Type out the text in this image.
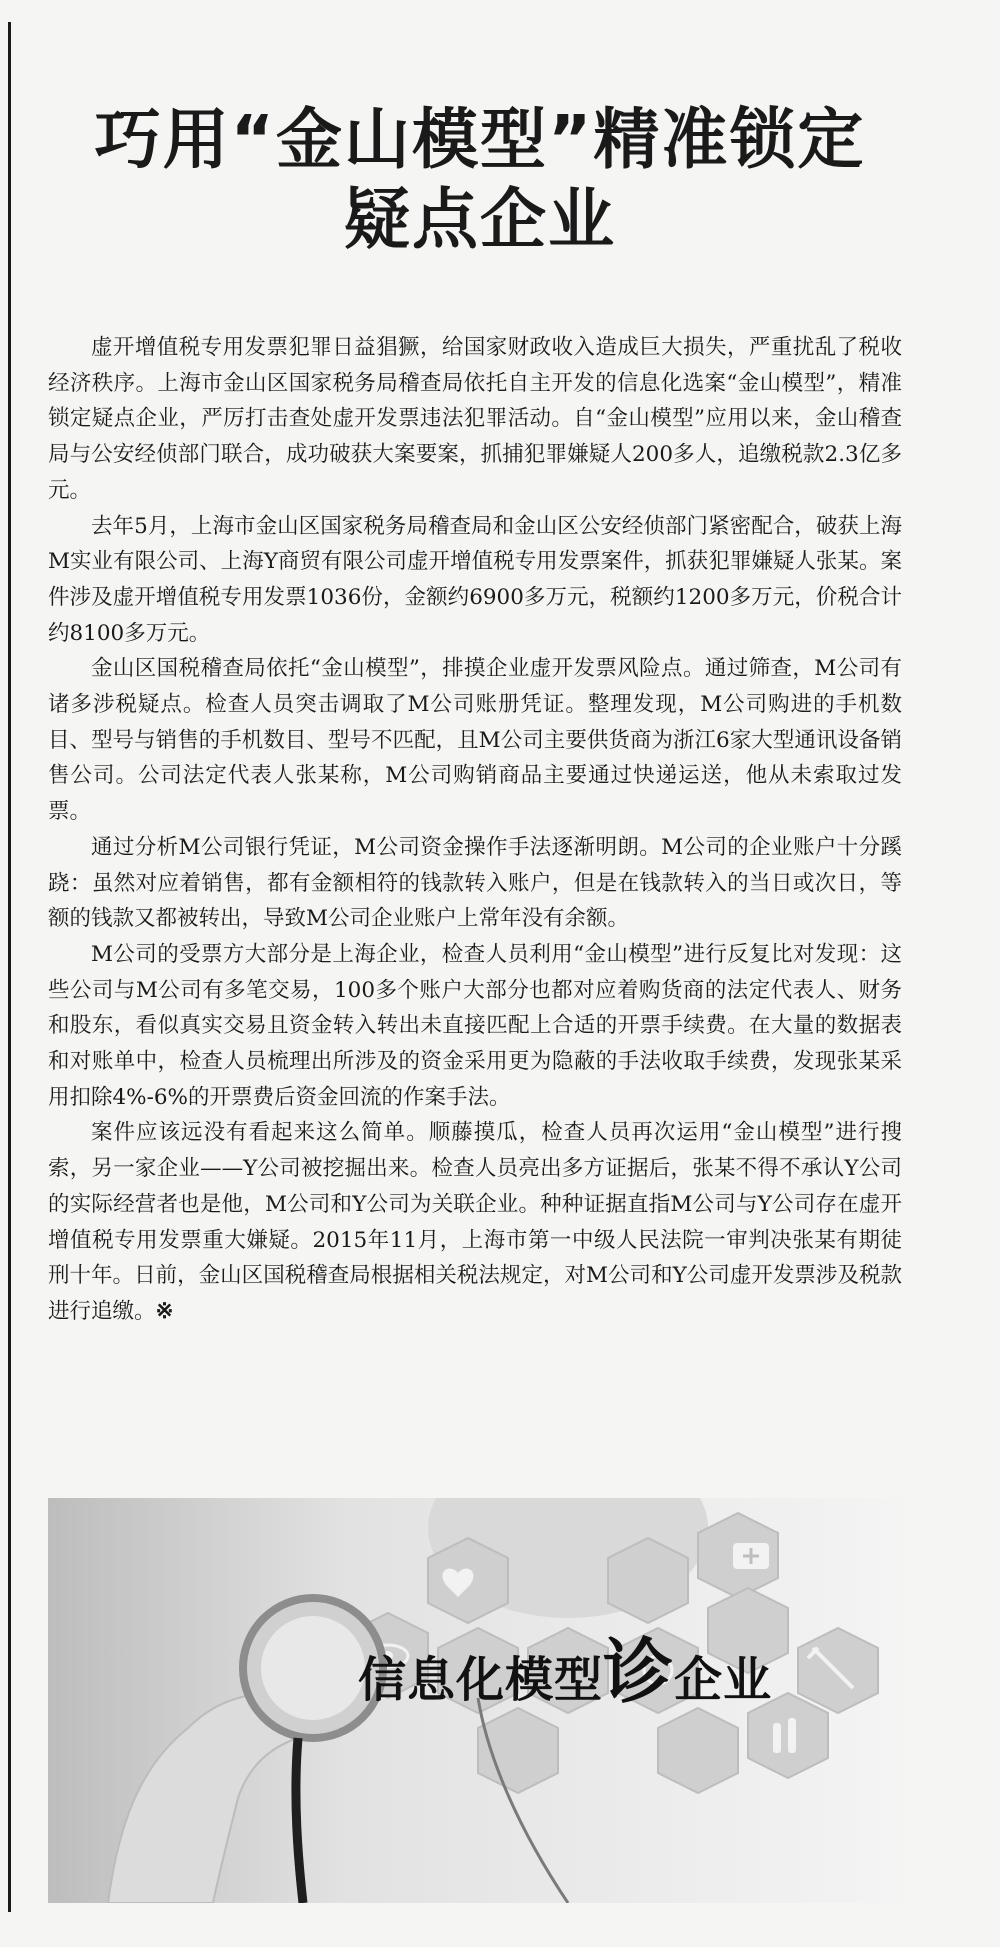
巧用“金山模型”精准锁定
疑点企业

虚开增值税专用发票犯罪日益猖獗，给国家财政收入造成巨大损失，严重扰乱了税收经济秩序。上海市金山区国家税务局稽查局依托自主开发的信息化选案“金山模型”，精准锁定疑点企业，严厉打击查处虚开发票违法犯罪活动。自“金山模型”应用以来，金山稽查局与公安经侦部门联合，成功破获大案要案，抓捕犯罪嫌疑人200多人，追缴税款2.3亿多元。

去年5月，上海市金山区国家税务局稽查局和金山区公安经侦部门紧密配合，破获上海M实业有限公司、上海Y商贸有限公司虚开增值税专用发票案件，抓获犯罪嫌疑人张某。案件涉及虚开增值税专用发票1036份，金额约6900多万元，税额约1200多万元，价税合计约8100多万元。

金山区国税稽查局依托“金山模型”，排摸企业虚开发票风险点。通过筛查，M公司有诸多涉税疑点。检查人员突击调取了M公司账册凭证。整理发现，M公司购进的手机数目、型号与销售的手机数目、型号不匹配，且M公司主要供货商为浙江6家大型通讯设备销售公司。公司法定代表人张某称，M公司购销商品主要通过快递运送，他从未索取过发票。

通过分析M公司银行凭证，M公司资金操作手法逐渐明朗。M公司的企业账户十分蹊跷：虽然对应着销售，都有金额相符的钱款转入账户，但是在钱款转入的当日或次日，等额的钱款又都被转出，导致M公司企业账户上常年没有余额。

M公司的受票方大部分是上海企业，检查人员利用“金山模型”进行反复比对发现：这些公司与M公司有多笔交易，100多个账户大部分也都对应着购货商的法定代表人、财务和股东，看似真实交易且资金转入转出未直接匹配上合适的开票手续费。在大量的数据表和对账单中，检查人员梳理出所涉及的资金采用更为隐蔽的手法收取手续费，发现张某采用扣除4%-6%的开票费后资金回流的作案手法。

案件应该远没有看起来这么简单。顺藤摸瓜，检查人员再次运用“金山模型”进行搜索，另一家企业——Y公司被挖掘出来。检查人员亮出多方证据后，张某不得不承认Y公司的实际经营者也是他，M公司和Y公司为关联企业。种种证据直指M公司与Y公司存在虚开增值税专用发票重大嫌疑。2015年11月，上海市第一中级人民法院一审判决张某有期徒刑十年。日前，金山区国税稽查局根据相关税法规定，对M公司和Y公司虚开发票涉及税款进行追缴。※

信息化模型诊企业
